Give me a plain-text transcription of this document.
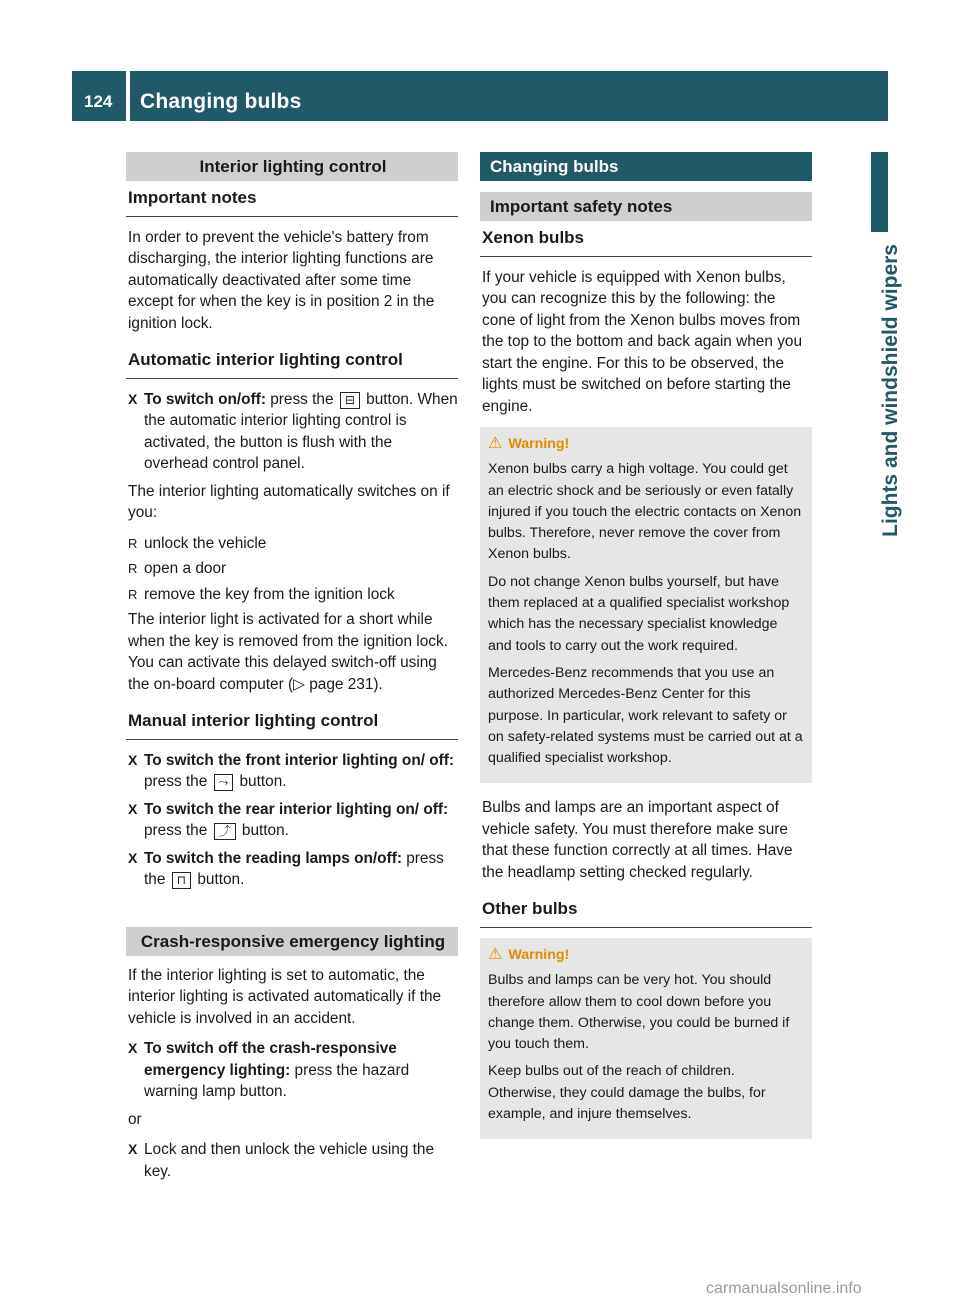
124 Changing bulbs
Lights and windshield wipers
Interior lighting control
Important notes

In order to prevent the vehicle's battery from discharging, the interior lighting functions are automatically deactivated after some time except for when the key is in position 2 in the ignition lock.

Automatic interior lighting control
X To switch on/off: press the ⊟ button. When the automatic interior lighting control is activated, the button is flush with the overhead control panel.

The interior lighting automatically switches on if you:

R unlock the vehicle
R open a door
R remove the key from the ignition lock

The interior light is activated for a short while when the key is removed from the ignition lock. You can activate this delayed switch-off using the on-board computer (▷ page 231).

Manual interior lighting control
X To switch the front interior lighting on/ off: press the ⤳ button.
X To switch the rear interior lighting on/ off: press the ⤴ button.
X To switch the reading lamps on/off: press the ⊓ button.
Crash-responsive emergency lighting

If the interior lighting is set to automatic, the interior lighting is activated automatically if the vehicle is involved in an accident.

X To switch off the crash-responsive emergency lighting: press the hazard warning lamp button.

or

X Lock and then unlock the vehicle using the key.
Changing bulbs
Important safety notes
Xenon bulbs

If your vehicle is equipped with Xenon bulbs, you can recognize this by the following: the cone of light from the Xenon bulbs moves from the top to the bottom and back again when you start the engine. For this to be observed, the lights must be switched on before starting the engine.

⚠ Warning!

Xenon bulbs carry a high voltage. You could get an electric shock and be seriously or even fatally injured if you touch the electric contacts on Xenon bulbs. Therefore, never remove the cover from Xenon bulbs.

Do not change Xenon bulbs yourself, but have them replaced at a qualified specialist workshop which has the necessary specialist knowledge and tools to carry out the work required.

Mercedes-Benz recommends that you use an authorized Mercedes-Benz Center for this purpose. In particular, work relevant to safety or on safety-related systems must be carried out at a qualified specialist workshop.

Bulbs and lamps are an important aspect of vehicle safety. You must therefore make sure that these function correctly at all times. Have the headlamp setting checked regularly.

Other bulbs
⚠ Warning!

Bulbs and lamps can be very hot. You should therefore allow them to cool down before you change them. Otherwise, you could be burned if you touch them.

Keep bulbs out of the reach of children. Otherwise, they could damage the bulbs, for example, and injure themselves.

carmanualsonline.info
